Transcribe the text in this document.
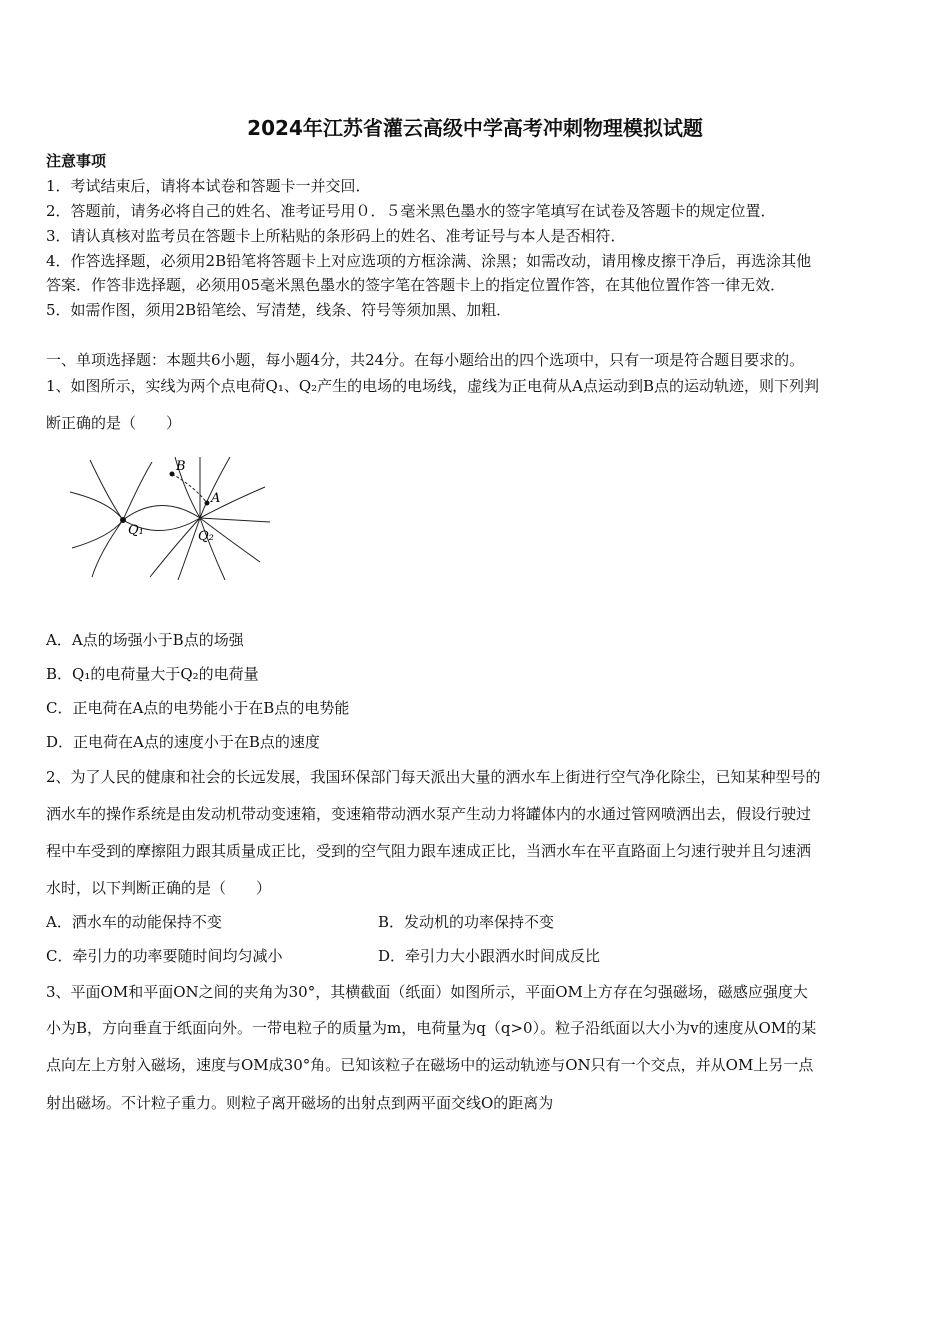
2024年江苏省灌云高级中学高考冲刺物理模拟试题
注意事项
1．考试结束后，请将本试卷和答题卡一并交回．
2．答题前，请务必将自己的姓名、准考证号用０．５毫米黑色墨水的签字笔填写在试卷及答题卡的规定位置．
3．请认真核对监考员在答题卡上所粘贴的条形码上的姓名、准考证号与本人是否相符．
4．作答选择题，必须用2B铅笔将答题卡上对应选项的方框涂满、涂黑；如需改动，请用橡皮擦干净后，再选涂其他
答案．作答非选择题，必须用05毫米黑色墨水的签字笔在答题卡上的指定位置作答，在其他位置作答一律无效．
5．如需作图，须用2B铅笔绘、写清楚，线条、符号等须加黑、加粗．
一、单项选择题：本题共6小题，每小题4分，共24分。在每小题给出的四个选项中，只有一项是符合题目要求的。
1、如图所示，实线为两个点电荷Q₁、Q₂产生的电场的电场线，虚线为正电荷从A点运动到B点的运动轨迹，则下列判
断正确的是（　　）
B
A
Q₁	Q₂
A．A点的场强小于B点的场强
B．Q₁的电荷量大于Q₂的电荷量
C．正电荷在A点的电势能小于在B点的电势能
D．正电荷在A点的速度小于在B点的速度
2、为了人民的健康和社会的长远发展，我国环保部门每天派出大量的洒水车上街进行空气净化除尘，已知某种型号的
洒水车的操作系统是由发动机带动变速箱，变速箱带动洒水泵产生动力将罐体内的水通过管网喷洒出去，假设行驶过
程中车受到的摩擦阻力跟其质量成正比，受到的空气阻力跟车速成正比，当洒水车在平直路面上匀速行驶并且匀速洒
水时，以下判断正确的是（　　）
A．洒水车的动能保持不变	B．发动机的功率保持不变
C．牵引力的功率要随时间均匀减小	D．牵引力大小跟洒水时间成反比
3、平面OM和平面ON之间的夹角为30°，其横截面（纸面）如图所示，平面OM上方存在匀强磁场，磁感应强度大
小为B，方向垂直于纸面向外。一带电粒子的质量为m，电荷量为q（q>0）。粒子沿纸面以大小为v的速度从OM的某
点向左上方射入磁场，速度与OM成30°角。已知该粒子在磁场中的运动轨迹与ON只有一个交点，并从OM上另一点
射出磁场。不计粒子重力。则粒子离开磁场的出射点到两平面交线O的距离为
